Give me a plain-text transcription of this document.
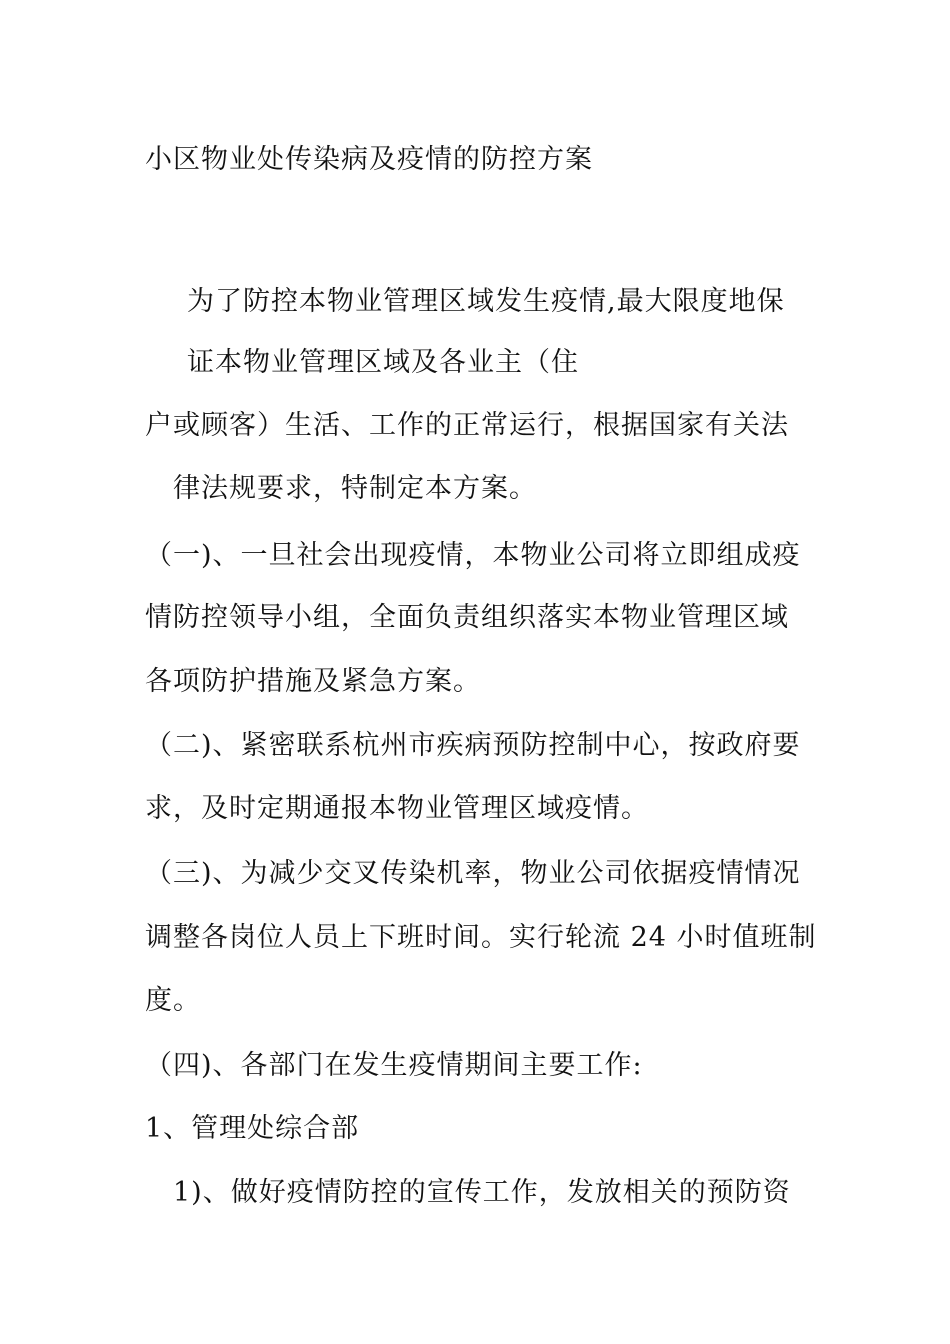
小区物业处传染病及疫情的防控方案
为了防控本物业管理区域发生疫情,最大限度地保
证本物业管理区域及各业主（住
户或顾客）生活、工作的正常运行，根据国家有关法
律法规要求，特制定本方案。
（一)、一旦社会出现疫情，本物业公司将立即组成疫
情防控领导小组，全面负责组织落实本物业管理区域
各项防护措施及紧急方案。
（二)、紧密联系杭州市疾病预防控制中心，按政府要
求，及时定期通报本物业管理区域疫情。
（三)、为减少交叉传染机率，物业公司依据疫情情况
调整各岗位人员上下班时间。实行轮流 24 小时值班制
度。
（四)、各部门在发生疫情期间主要工作:
1、管理处综合部
1)、做好疫情防控的宣传工作，发放相关的预防资
